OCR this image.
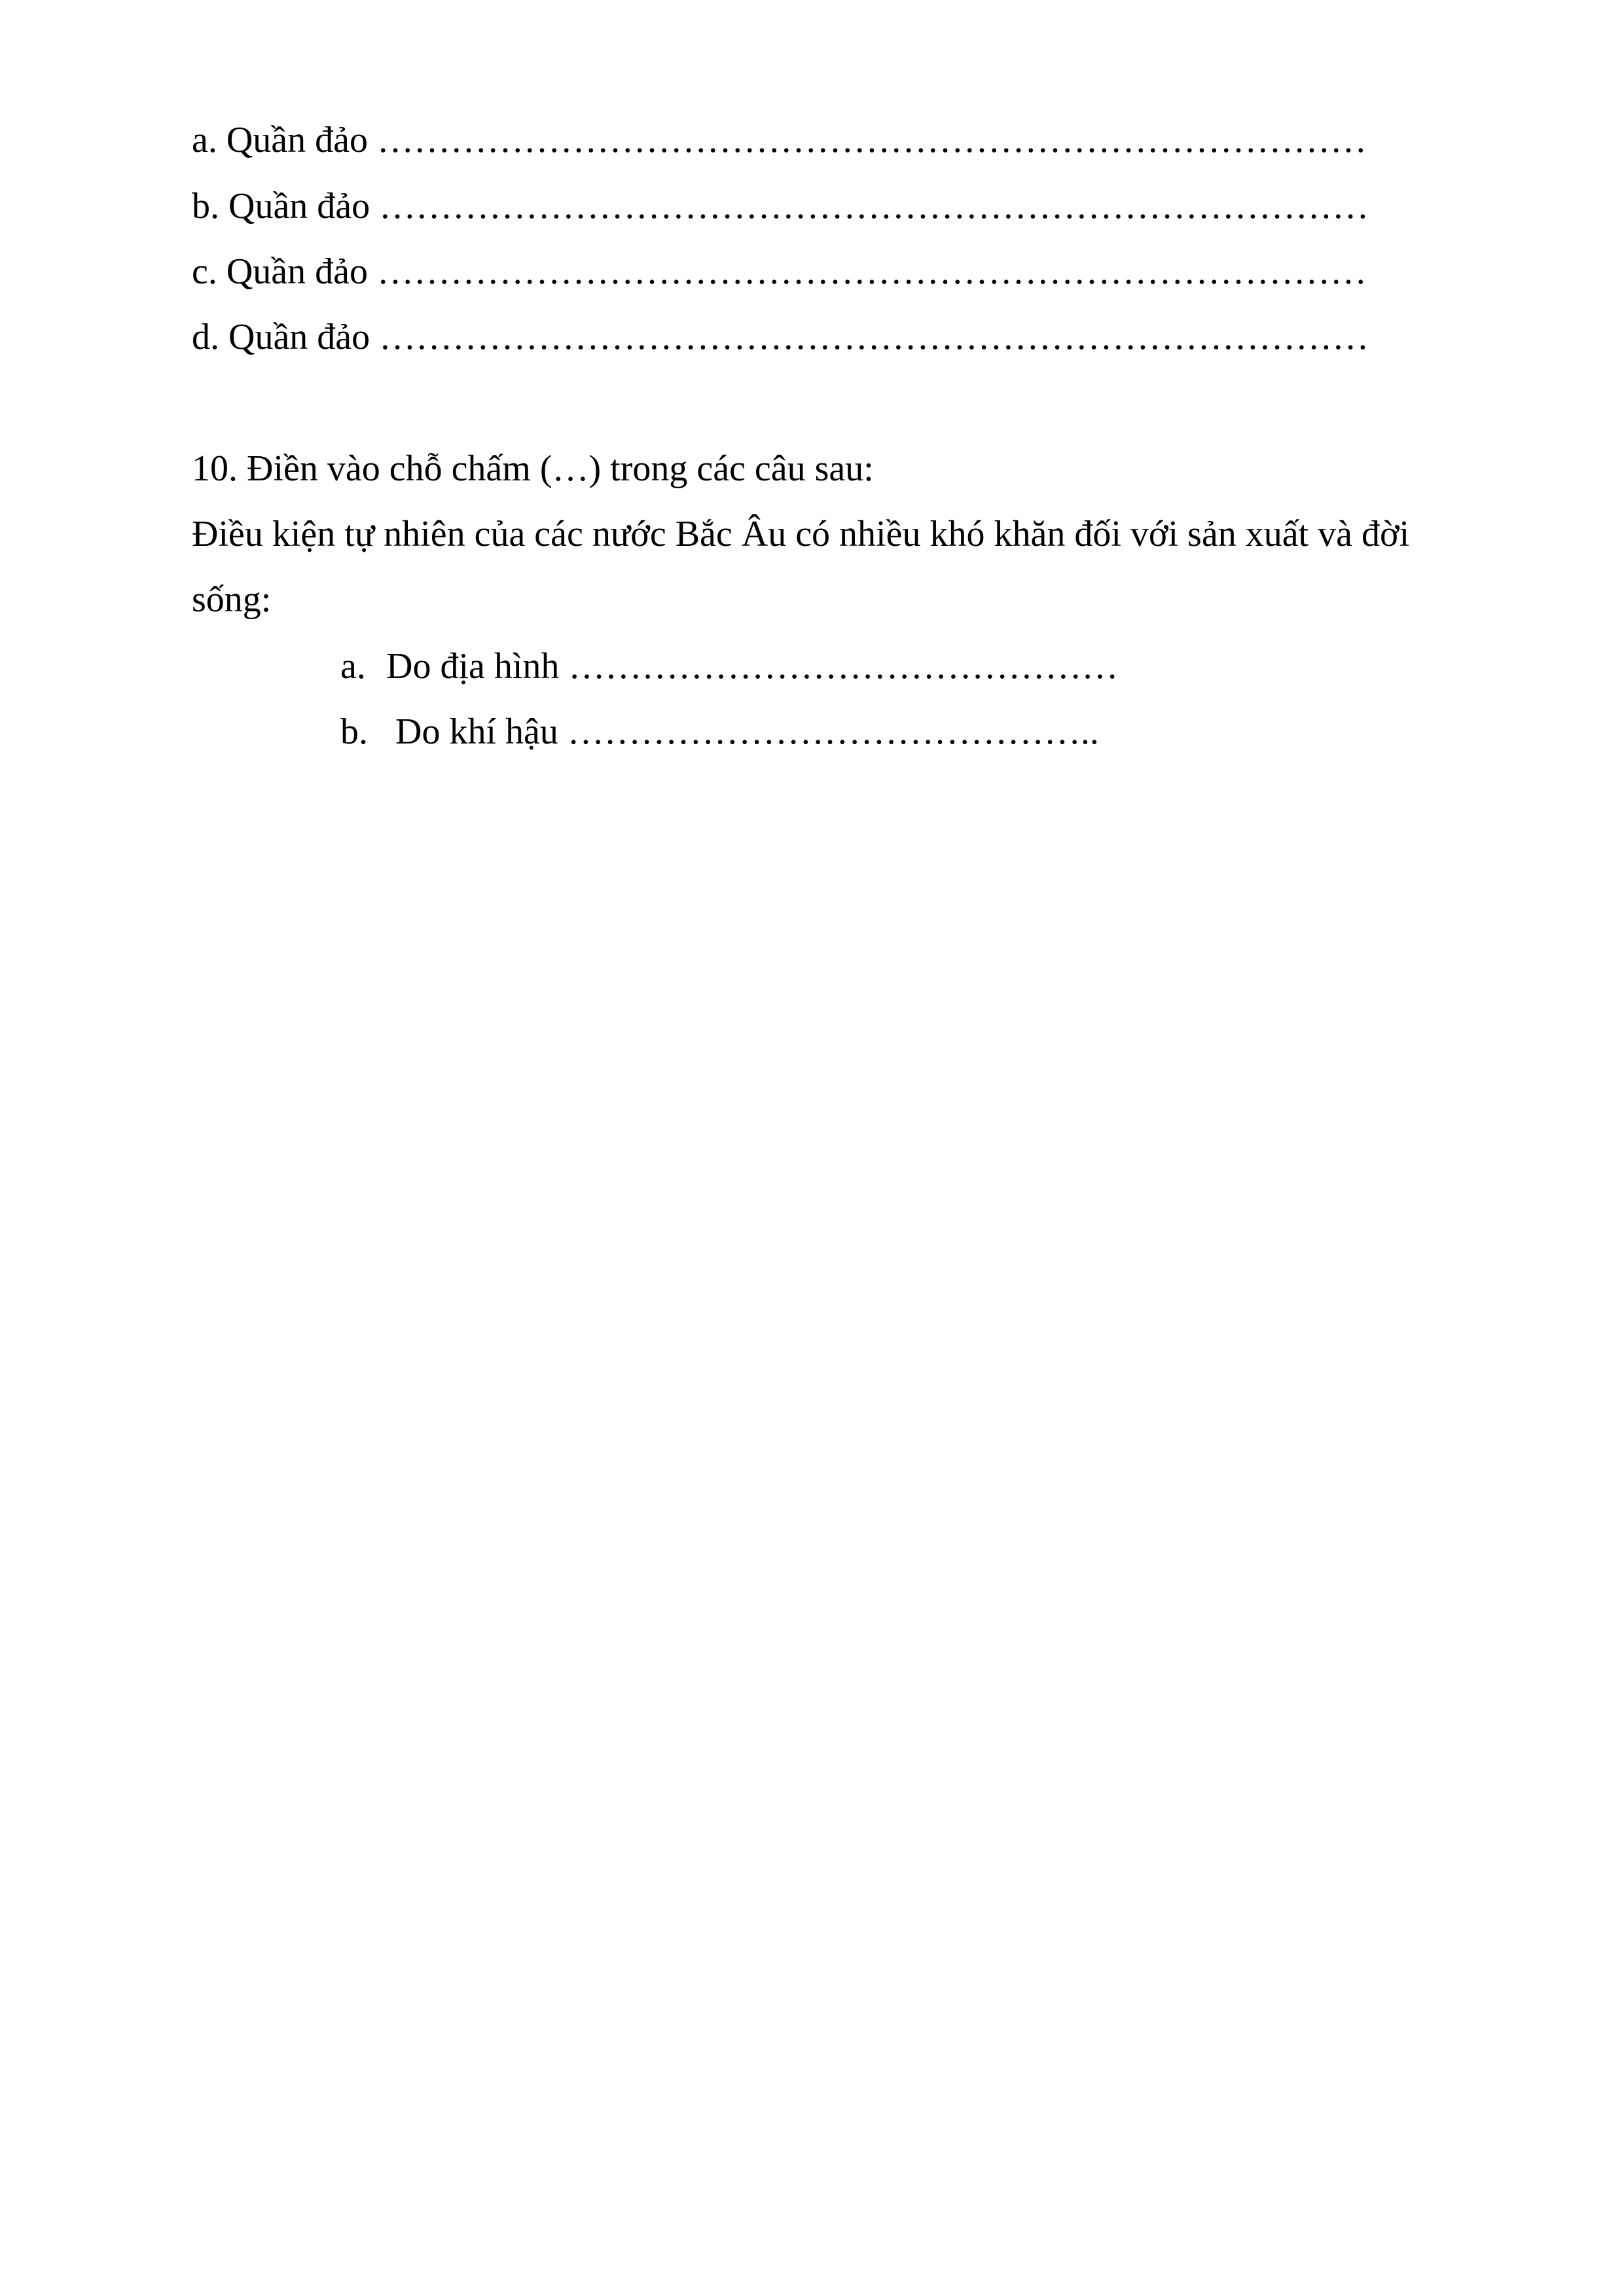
a. Quần đảo ………………………………………………………………………
b. Quần đảo ………………………………………………………………………
c. Quần đảo ………………………………………………………………………
d. Quần đảo ………………………………………………………………………
10. Điền vào chỗ chấm (…) trong các câu sau:
Điều kiện tự nhiên của các nước Bắc Âu có nhiều khó khăn đối với sản xuất và đời
sống:
a. Do địa hình ………………………………………
b. Do khí hậu ……………………………………..
